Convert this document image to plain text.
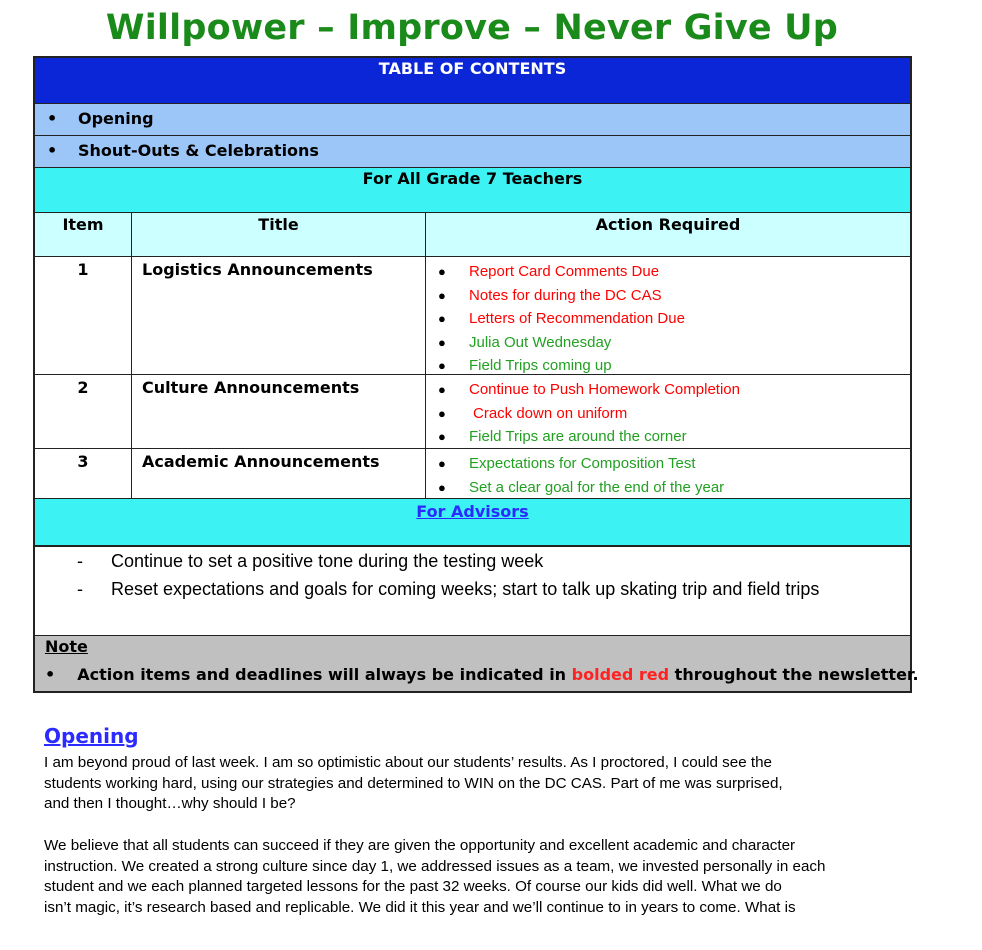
Willpower – Improve – Never Give Up
TABLE OF CONTENTS
• Opening
• Shout-Outs & Celebrations
For All Grade 7 Teachers
Item	Title	Action Required
1	Logistics Announcements	● Report Card Comments Due
● Notes for during the DC CAS
● Letters of Recommendation Due
● Julia Out Wednesday
● Field Trips coming up
2	Culture Announcements	● Continue to Push Homework Completion
● Crack down on uniform
● Field Trips are around the corner
3	Academic Announcements	● Expectations for Composition Test
● Set a clear goal for the end of the year
For Advisors
- Continue to set a positive tone during the testing week
- Reset expectations and goals for coming weeks; start to talk up skating trip and field trips
Note
• Action items and deadlines will always be indicated in bolded red throughout the newsletter.
Opening

I am beyond proud of last week. I am so optimistic about our students’ results. As I proctored, I could see the

students working hard, using our strategies and determined to WIN on the DC CAS. Part of me was surprised,

and then I thought…why should I be?

We believe that all students can succeed if they are given the opportunity and excellent academic and character

instruction. We created a strong culture since day 1, we addressed issues as a team, we invested personally in each

student and we each planned targeted lessons for the past 32 weeks. Of course our kids did well. What we do

isn’t magic, it’s research based and replicable. We did it this year and we’ll continue to in years to come. What is
